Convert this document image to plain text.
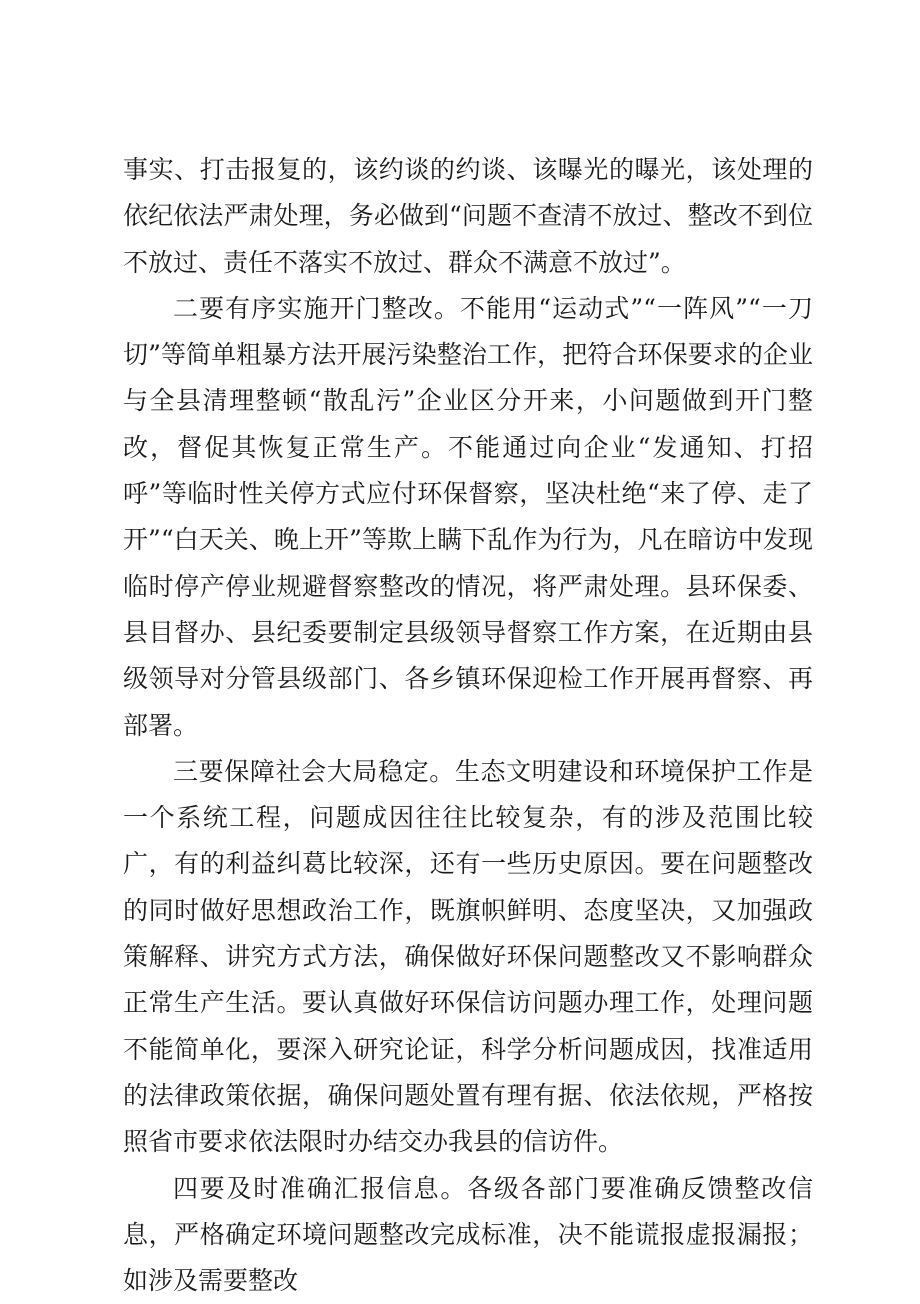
事实、打击报复的，该约谈的约谈、该曝光的曝光，该处理的依纪依法严肃处理，务必做到“问题不查清不放过、整改不到位不放过、责任不落实不放过、群众不满意不放过”。

二要有序实施开门整改。不能用“运动式”“一阵风”“一刀切”等简单粗暴方法开展污染整治工作，把符合环保要求的企业与全县清理整顿“散乱污”企业区分开来，小问题做到开门整改，督促其恢复正常生产。不能通过向企业“发通知、打招呼”等临时性关停方式应付环保督察，坚决杜绝“来了停、走了开”“白天关、晚上开”等欺上瞒下乱作为行为，凡在暗访中发现临时停产停业规避督察整改的情况，将严肃处理。县环保委、县目督办、县纪委要制定县级领导督察工作方案，在近期由县级领导对分管县级部门、各乡镇环保迎检工作开展再督察、再部署。

三要保障社会大局稳定。生态文明建设和环境保护工作是一个系统工程，问题成因往往比较复杂，有的涉及范围比较广，有的利益纠葛比较深，还有一些历史原因。要在问题整改的同时做好思想政治工作，既旗帜鲜明、态度坚决，又加强政策解释、讲究方式方法，确保做好环保问题整改又不影响群众正常生产生活。要认真做好环保信访问题办理工作，处理问题不能简单化，要深入研究论证，科学分析问题成因，找准适用的法律政策依据，确保问题处置有理有据、依法依规，严格按照省市要求依法限时办结交办我县的信访件。

四要及时准确汇报信息。各级各部门要准确反馈整改信息，严格确定环境问题整改完成标准，决不能谎报虚报漏报；如涉及需要整改
